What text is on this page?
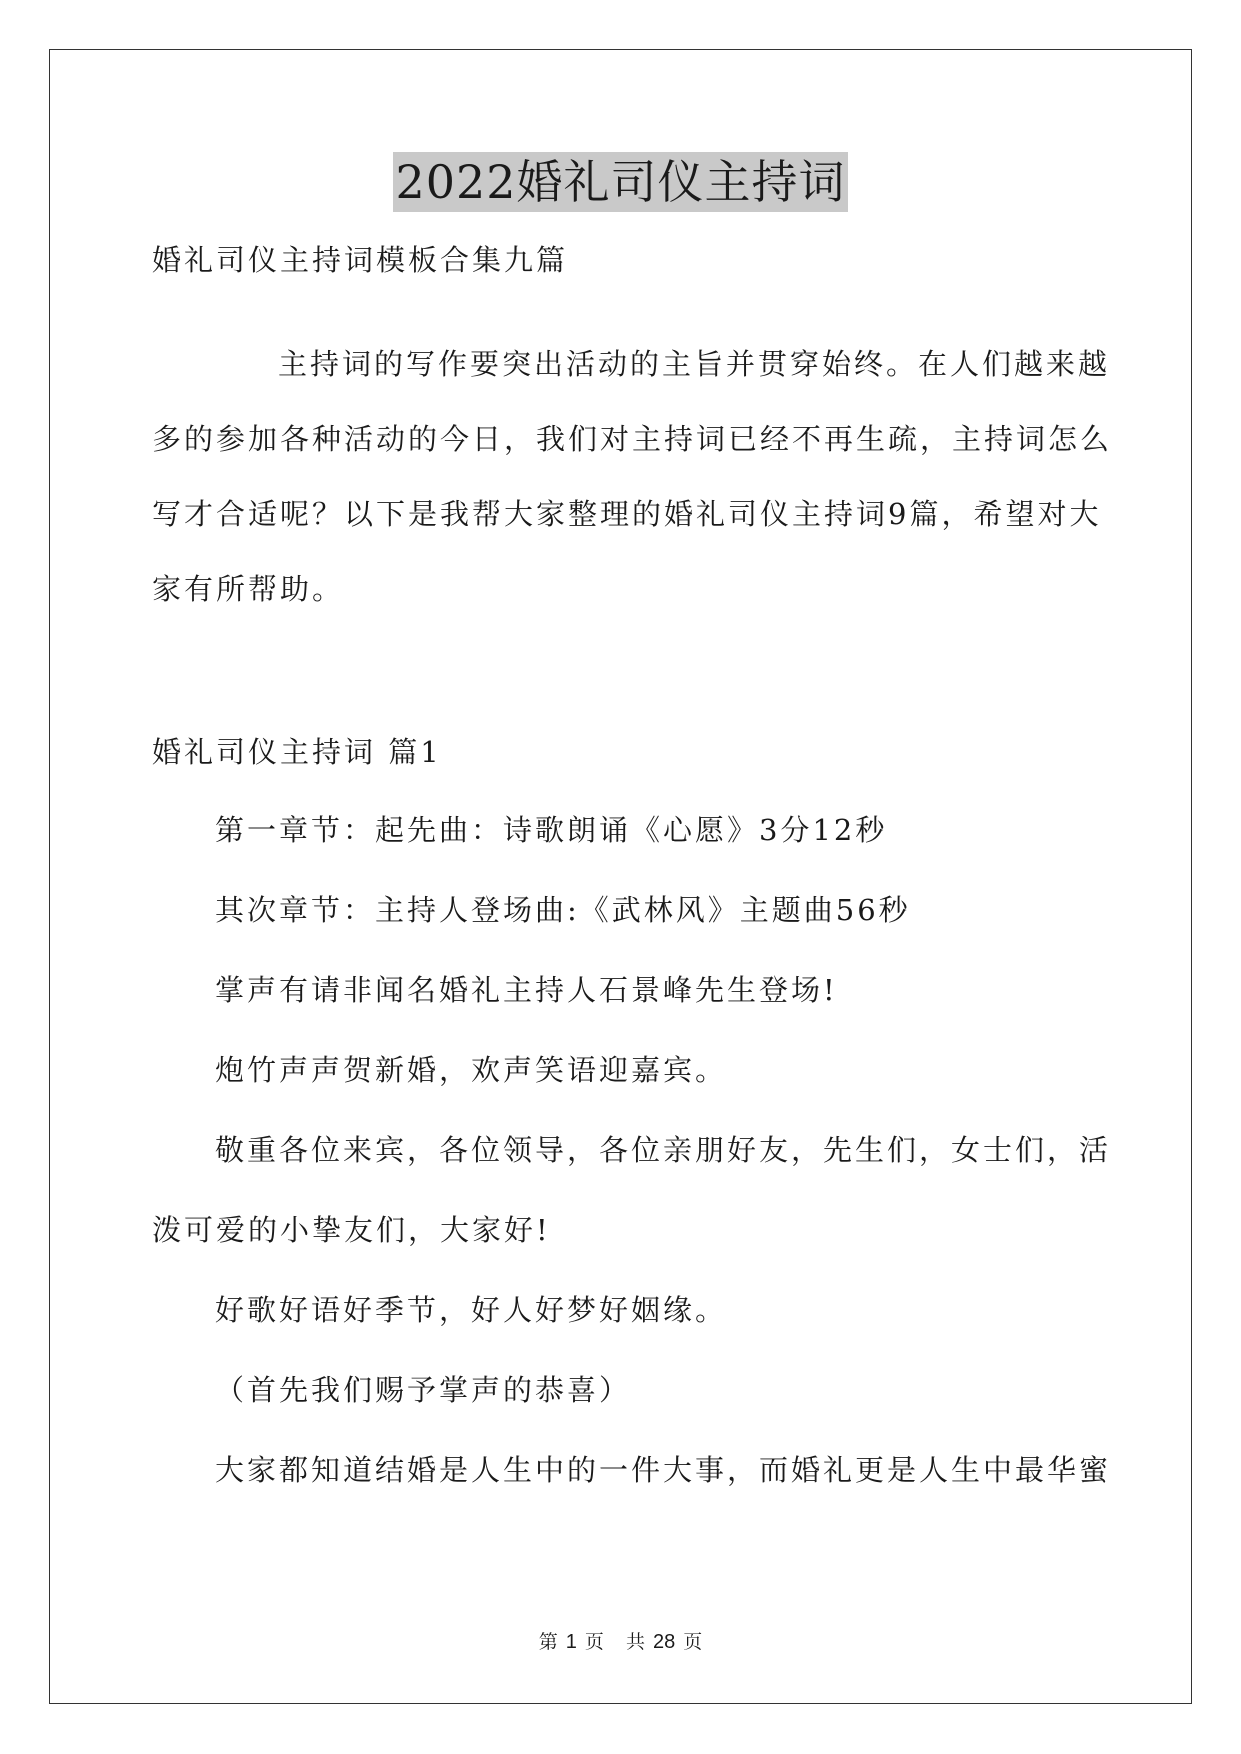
2022婚礼司仪主持词
婚礼司仪主持词模板合集九篇
主持词的写作要突出活动的主旨并贯穿始终。在人们越来越
多的参加各种活动的今日，我们对主持词已经不再生疏，主持词怎么
写才合适呢？以下是我帮大家整理的婚礼司仪主持词9篇，希望对大
家有所帮助。
婚礼司仪主持词 篇1
第一章节：起先曲：诗歌朗诵《心愿》3分12秒
其次章节：主持人登场曲:《武林风》主题曲56秒
掌声有请非闻名婚礼主持人石景峰先生登场!
炮竹声声贺新婚，欢声笑语迎嘉宾。
敬重各位来宾，各位领导，各位亲朋好友，先生们，女士们，活
泼可爱的小挚友们，大家好!
好歌好语好季节，好人好梦好姻缘。
（首先我们赐予掌声的恭喜）
大家都知道结婚是人生中的一件大事，而婚礼更是人生中最华蜜
第 1 页 共 28 页
